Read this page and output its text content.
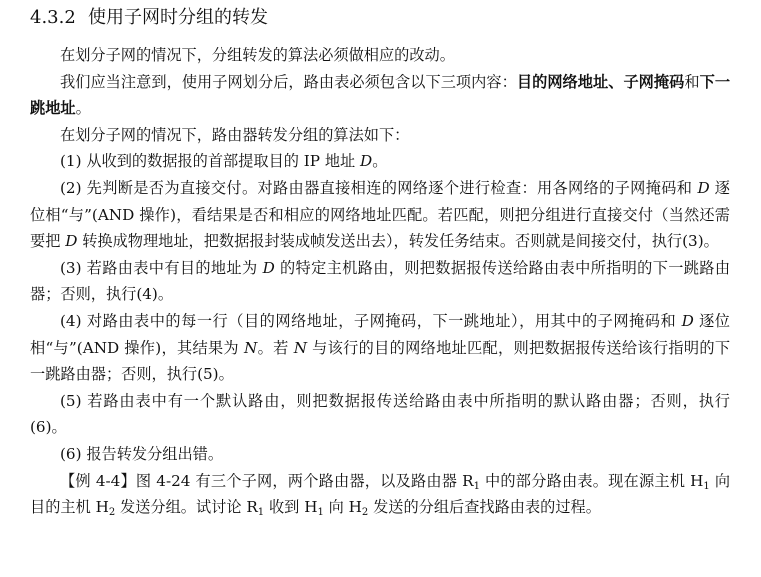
4.3.2 使用子网时分组的转发

在划分子网的情况下，分组转发的算法必须做相应的改动。

我们应当注意到，使用子网划分后，路由表必须包含以下三项内容：目的网络地址、子网掩码和下一跳地址。

在划分子网的情况下，路由器转发分组的算法如下：

(1) 从收到的数据报的首部提取目的 IP 地址 D。

(2) 先判断是否为直接交付。对路由器直接相连的网络逐个进行检查：用各网络的子网掩码和 D 逐位相“与”(AND 操作)，看结果是否和相应的网络地址匹配。若匹配，则把分组进行直接交付（当然还需要把 D 转换成物理地址，把数据报封装成帧发送出去），转发任务结束。否则就是间接交付，执行(3)。

(3) 若路由表中有目的地址为 D 的特定主机路由，则把数据报传送给路由表中所指明的下一跳路由器；否则，执行(4)。

(4) 对路由表中的每一行（目的网络地址，子网掩码，下一跳地址），用其中的子网掩码和 D 逐位相“与”(AND 操作)，其结果为 N。若 N 与该行的目的网络地址匹配，则把数据报传送给该行指明的下一跳路由器；否则，执行(5)。

(5) 若路由表中有一个默认路由，则把数据报传送给路由表中所指明的默认路由器；否则，执行(6)。

(6) 报告转发分组出错。

【例 4-4】图 4-24 有三个子网，两个路由器，以及路由器 $R_1$ 中的部分路由表。现在源主机 $H_1$ 向目的主机 $H_2$ 发送分组。试讨论 $R_1$ 收到 $H_1$ 向 $H_2$ 发送的分组后查找路由表的过程。
